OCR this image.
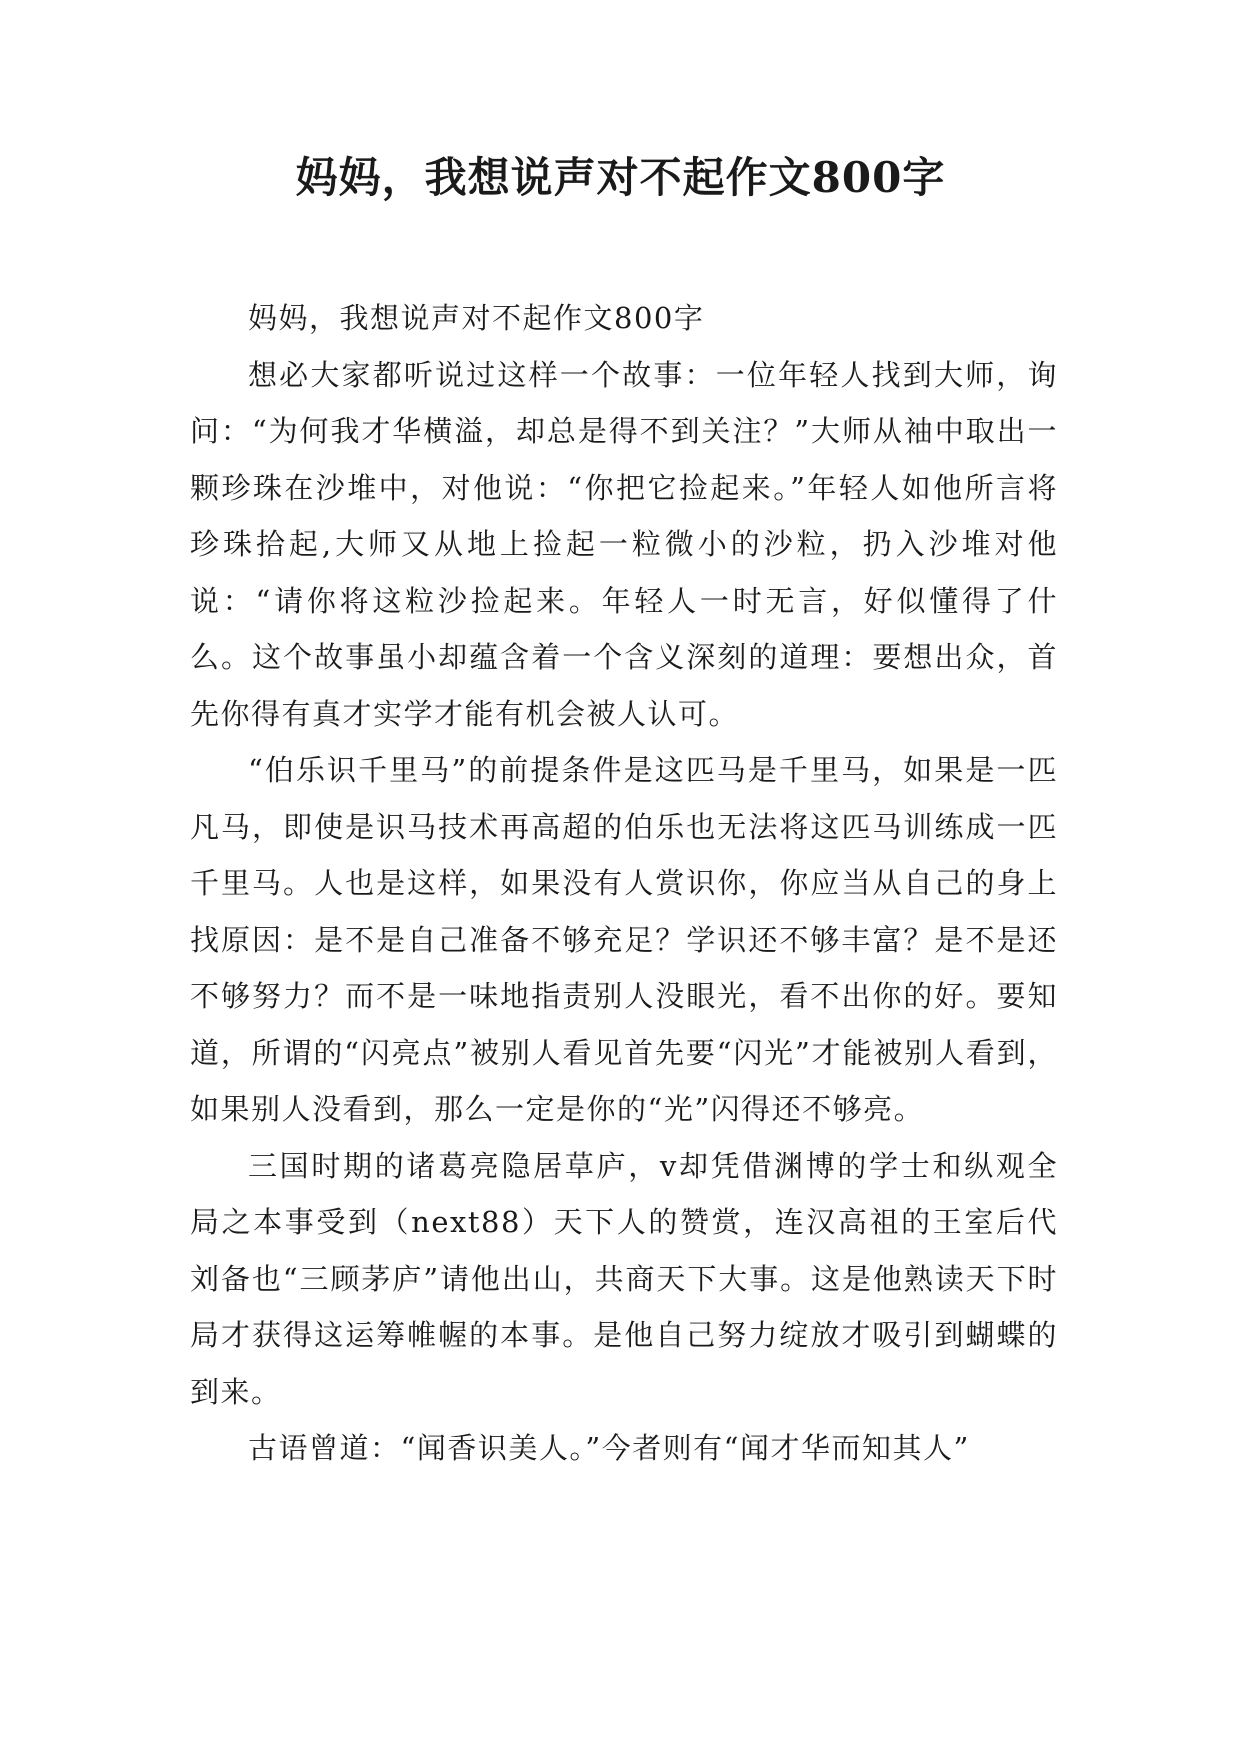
妈妈，我想说声对不起作文800字

妈妈，我想说声对不起作文800字

想必大家都听说过这样一个故事：一位年轻人找到大师，询问：“为何我才华横溢，却总是得不到关注？”大师从袖中取出一颗珍珠在沙堆中，对他说：“你把它捡起来。”年轻人如他所言将珍珠拾起,大师又从地上捡起一粒微小的沙粒，扔入沙堆对他说：“请你将这粒沙捡起来。年轻人一时无言，好似懂得了什么。这个故事虽小却蕴含着一个含义深刻的道理：要想出众，首先你得有真才实学才能有机会被人认可。

“伯乐识千里马”的前提条件是这匹马是千里马，如果是一匹凡马，即使是识马技术再高超的伯乐也无法将这匹马训练成一匹千里马。人也是这样，如果没有人赏识你，你应当从自己的身上找原因：是不是自己准备不够充足？学识还不够丰富？是不是还不够努力？而不是一味地指责别人没眼光，看不出你的好。要知道，所谓的“闪亮点”被别人看见首先要“闪光”才能被别人看到，如果别人没看到，那么一定是你的“光”闪得还不够亮。

三国时期的诸葛亮隐居草庐，v却凭借渊博的学士和纵观全局之本事受到（next88）天下人的赞赏，连汉高祖的王室后代刘备也“三顾茅庐”请他出山，共商天下大事。这是他熟读天下时局才获得这运筹帷幄的本事。是他自己努力绽放才吸引到蝴蝶的到来。

古语曾道：“闻香识美人。”今者则有“闻才华而知其人”
